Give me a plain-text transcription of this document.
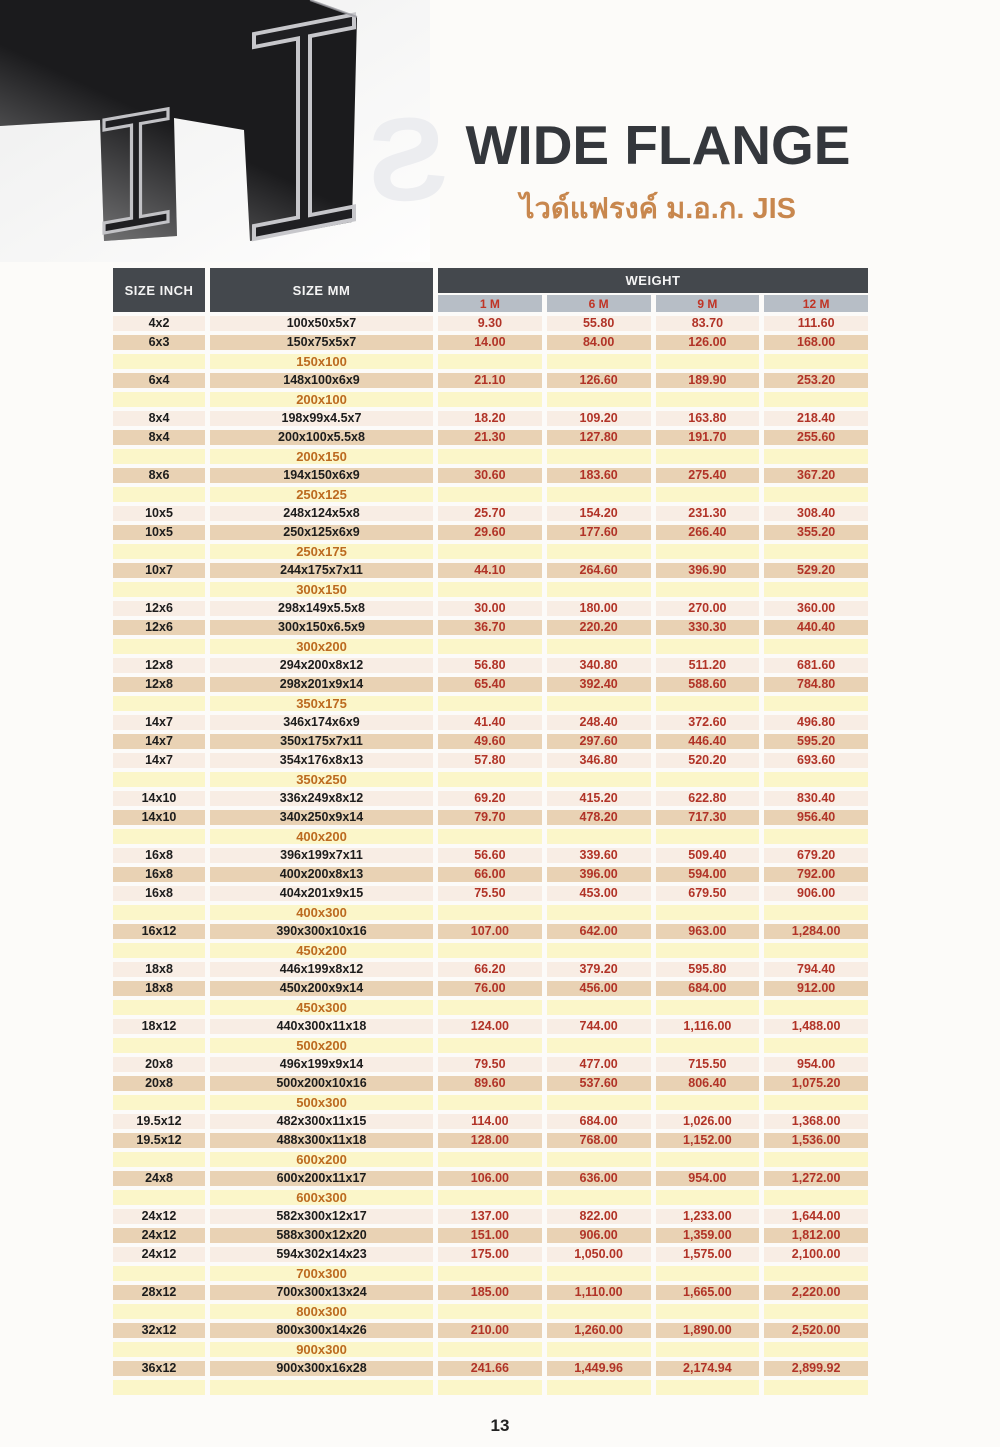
S WIDE FLANGE
ไวด์แฟรงค์ ม.อ.ก. JIS
SIZE INCH	SIZE MM
WEIGHT
1 M	6 M	9 M	12 M
4x2	100x50x5x7	9.30	55.80	83.70	111.60
6x3	150x75x5x7	14.00	84.00	126.00	168.00
150x100
6x4	148x100x6x9	21.10	126.60	189.90	253.20
200x100
8x4	198x99x4.5x7	18.20	109.20	163.80	218.40
8x4	200x100x5.5x8	21.30	127.80	191.70	255.60
200x150
8x6	194x150x6x9	30.60	183.60	275.40	367.20
250x125
10x5	248x124x5x8	25.70	154.20	231.30	308.40
10x5	250x125x6x9	29.60	177.60	266.40	355.20
250x175
10x7	244x175x7x11	44.10	264.60	396.90	529.20
300x150
12x6	298x149x5.5x8	30.00	180.00	270.00	360.00
12x6	300x150x6.5x9	36.70	220.20	330.30	440.40
300x200
12x8	294x200x8x12	56.80	340.80	511.20	681.60
12x8	298x201x9x14	65.40	392.40	588.60	784.80
350x175
14x7	346x174x6x9	41.40	248.40	372.60	496.80
14x7	350x175x7x11	49.60	297.60	446.40	595.20
14x7	354x176x8x13	57.80	346.80	520.20	693.60
350x250
14x10	336x249x8x12	69.20	415.20	622.80	830.40
14x10	340x250x9x14	79.70	478.20	717.30	956.40
400x200
16x8	396x199x7x11	56.60	339.60	509.40	679.20
16x8	400x200x8x13	66.00	396.00	594.00	792.00
16x8	404x201x9x15	75.50	453.00	679.50	906.00
400x300
16x12	390x300x10x16	107.00	642.00	963.00	1,284.00
450x200
18x8	446x199x8x12	66.20	379.20	595.80	794.40
18x8	450x200x9x14	76.00	456.00	684.00	912.00
450x300
18x12	440x300x11x18	124.00	744.00	1,116.00	1,488.00
500x200
20x8	496x199x9x14	79.50	477.00	715.50	954.00
20x8	500x200x10x16	89.60	537.60	806.40	1,075.20
500x300
19.5x12	482x300x11x15	114.00	684.00	1,026.00	1,368.00
19.5x12	488x300x11x18	128.00	768.00	1,152.00	1,536.00
600x200
24x8	600x200x11x17	106.00	636.00	954.00	1,272.00
600x300
24x12	582x300x12x17	137.00	822.00	1,233.00	1,644.00
24x12	588x300x12x20	151.00	906.00	1,359.00	1,812.00
24x12	594x302x14x23	175.00	1,050.00	1,575.00	2,100.00
700x300
28x12	700x300x13x24	185.00	1,110.00	1,665.00	2,220.00
800x300
32x12	800x300x14x26	210.00	1,260.00	1,890.00	2,520.00
900x300
36x12	900x300x16x28	241.66	1,449.96	2,174.94	2,899.92
13
